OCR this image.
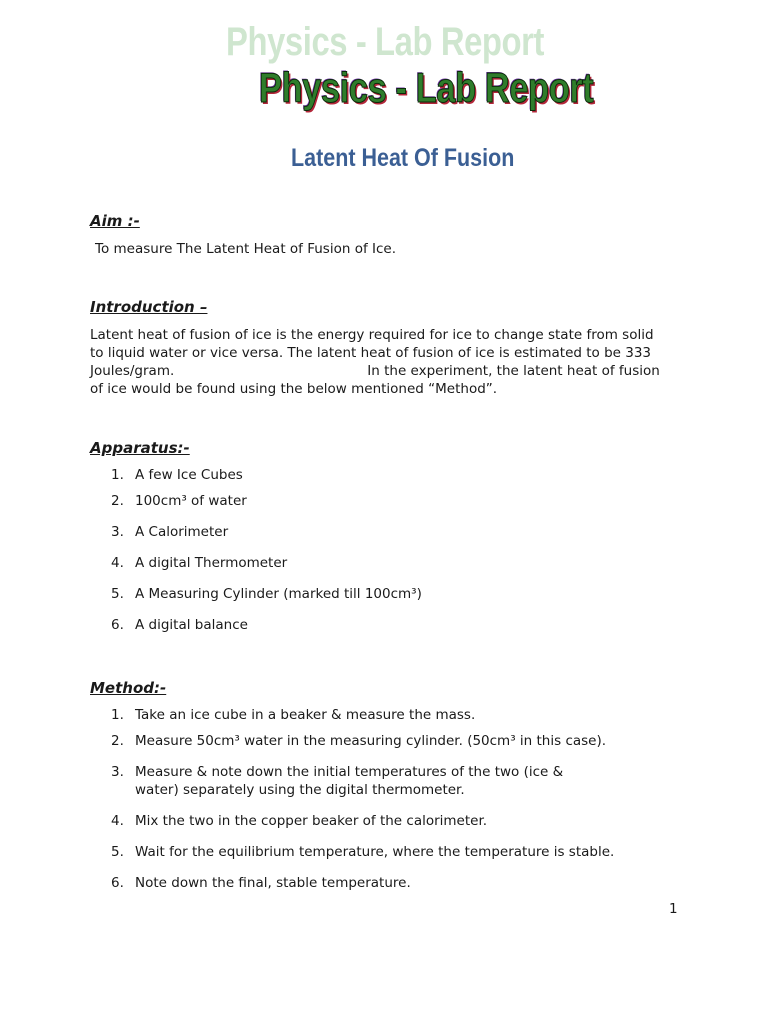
Physics - Lab Report
Physics - Lab Report
Latent Heat Of Fusion
Aim :-
To measure The Latent Heat of Fusion of Ice.
Introduction –
Latent heat of fusion of ice is the energy required for ice to change state from solid
to liquid water or vice versa. The latent heat of fusion of ice is estimated to be 333
Joules/gram.	In the experiment, the latent heat of fusion
of ice would be found using the below mentioned “Method”.
Apparatus:-
1. A few Ice Cubes
2. 100cm³ of water
3. A Calorimeter
4. A digital Thermometer
5. A Measuring Cylinder (marked till 100cm³)
6. A digital balance
Method:-
1. Take an ice cube in a beaker & measure the mass.
2. Measure 50cm³ water in the measuring cylinder. (50cm³ in this case).
3. Measure & note down the initial temperatures of the two (ice & water) separately using the digital thermometer.
4. Mix the two in the copper beaker of the calorimeter.
5. Wait for the equilibrium temperature, where the temperature is stable.
6. Note down the final, stable temperature.
1
